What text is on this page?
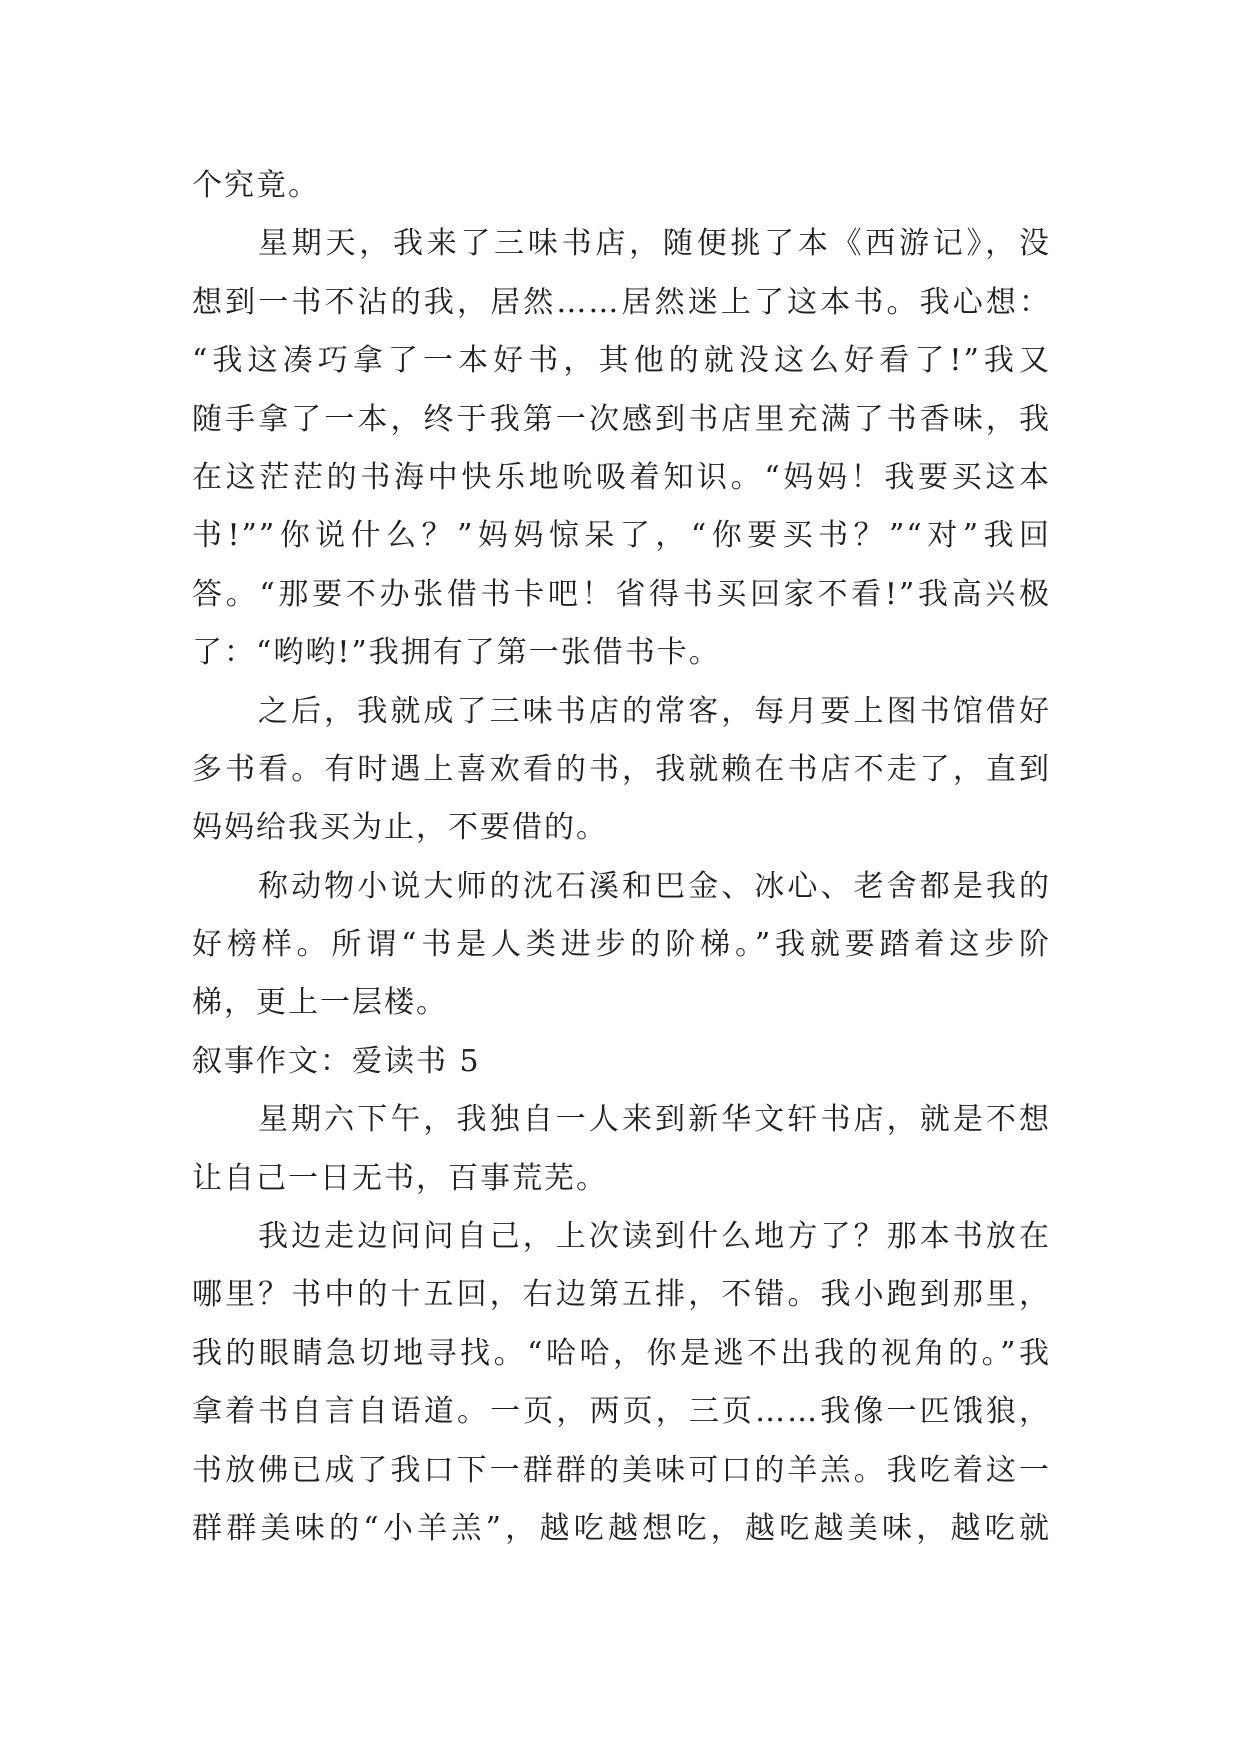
个究竟。
星期天，我来了三味书店，随便挑了本《西游记》，没
想到一书不沾的我，居然……居然迷上了这本书。我心想：
“我这凑巧拿了一本好书，其他的就没这么好看了!”我又
随手拿了一本，终于我第一次感到书店里充满了书香味，我
在这茫茫的书海中快乐地吮吸着知识。“妈妈！我要买这本
书!””你说什么？”妈妈惊呆了，“你要买书？”“对”我回
答。“那要不办张借书卡吧！省得书买回家不看!”我高兴极
了：“哟哟!”我拥有了第一张借书卡。
之后，我就成了三味书店的常客，每月要上图书馆借好
多书看。有时遇上喜欢看的书，我就赖在书店不走了，直到
妈妈给我买为止，不要借的。
称动物小说大师的沈石溪和巴金、冰心、老舍都是我的
好榜样。所谓“书是人类进步的阶梯。”我就要踏着这步阶
梯，更上一层楼。
叙事作文：爱读书 5
星期六下午，我独自一人来到新华文轩书店，就是不想
让自己一日无书，百事荒芜。
我边走边问问自己，上次读到什么地方了？那本书放在
哪里？书中的十五回，右边第五排，不错。我小跑到那里，
我的眼睛急切地寻找。“哈哈，你是逃不出我的视角的。”我
拿着书自言自语道。一页，两页，三页……我像一匹饿狼，
书放佛已成了我口下一群群的美味可口的羊羔。我吃着这一
群群美味的“小羊羔”，越吃越想吃，越吃越美味，越吃就
